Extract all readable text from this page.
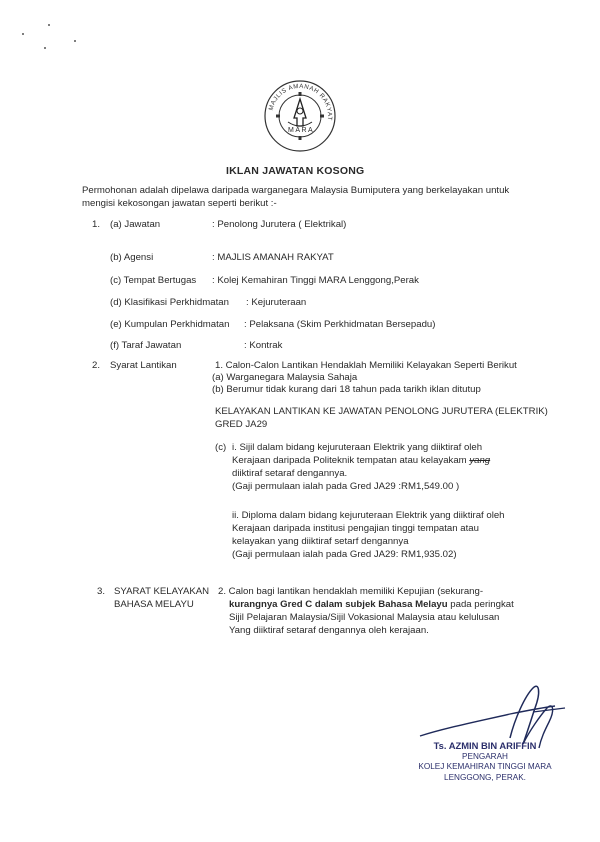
MAJLIS AMANAH RAKYAT
MARA
IKLAN JAWATAN KOSONG
Permohonan adalah dipelawa daripada warganegara Malaysia Bumiputera yang berkelayakan untuk
mengisi kekosongan jawatan seperti berikut :-
1. (a) Jawatan	: Penolong Jurutera ( Elektrikal)
(b) Agensi	: MAJLIS AMANAH RAKYAT
(c) Tempat Bertugas : Kolej Kemahiran Tinggi MARA Lenggong,Perak
(d) Klasifikasi Perkhidmatan : Kejuruteraan
(e) Kumpulan Perkhidmatan : Pelaksana (Skim Perkhidmatan Bersepadu)
(f) Taraf Jawatan	: Kontrak
2. Syarat Lantikan	1. Calon-Calon Lantikan Hendaklah Memiliki Kelayakan Seperti Berikut
(a) Warganegara Malaysia Sahaja
(b) Berumur tidak kurang dari 18 tahun pada tarikh iklan ditutup
KELAYAKAN LANTIKAN KE JAWATAN PENOLONG JURUTERA (ELEKTRIK)
GRED JA29
(c) i. Sijil dalam bidang kejuruteraan Elektrik yang diiktiraf oleh
Kerajaan daripada Politeknik tempatan atau kelayakam yang
diiktiraf setaraf dengannya.
(Gaji permulaan ialah pada Gred JA29 :RM1,549.00 )
ii. Diploma dalam bidang kejuruteraan Elektrik yang diiktiraf oleh
Kerajaan daripada institusi pengajian tinggi tempatan atau
kelayakan yang diiktiraf setarf dengannya
(Gaji permulaan ialah pada Gred JA29: RM1,935.02)
3. SYARAT KELAYAKAN
BAHASA MELAYU
2. Calon bagi lantikan hendaklah memiliki Kepujian (sekurang-
kurangnya Gred C dalam subjek Bahasa Melayu pada peringkat
Sijil Pelajaran Malaysia/Sijil Vokasional Malaysia atau kelulusan
Yang diiktiraf setaraf dengannya oleh kerajaan.
Ts. AZMIN BIN ARIFFIN
PENGARAH
KOLEJ KEMAHIRAN TINGGI MARA
LENGGONG, PERAK.
